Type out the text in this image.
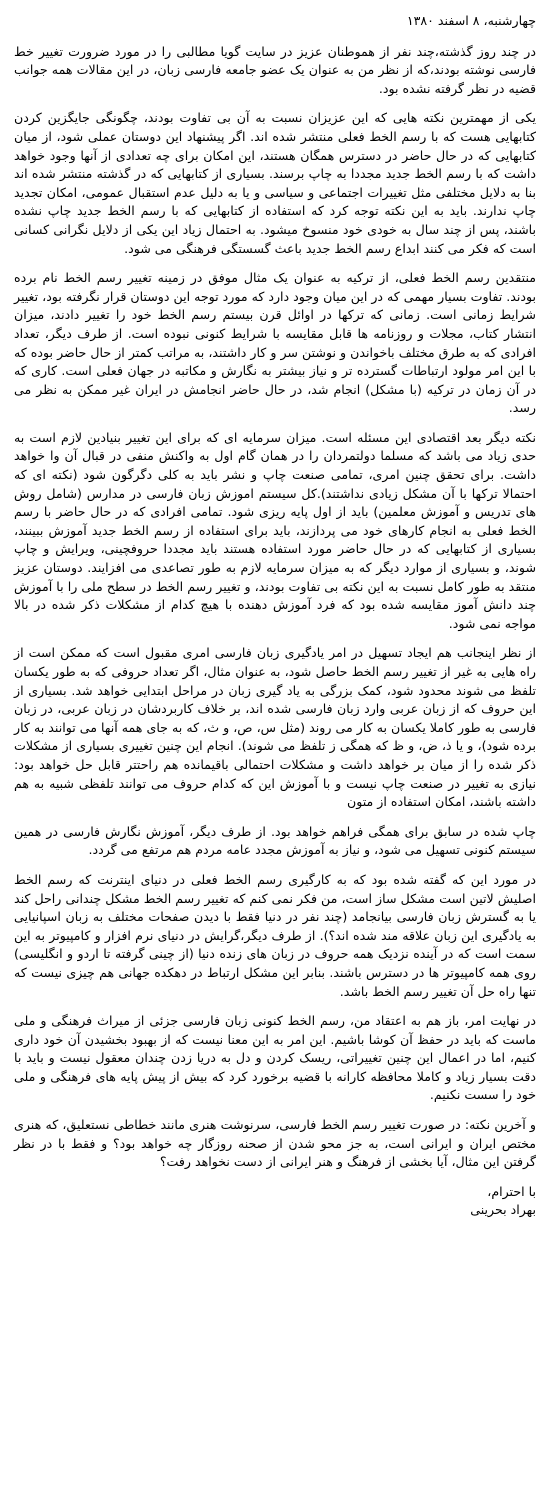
چهارشنبه، ۸ اسفند ۱۳۸۰

در چند روز گذشته،چند نفر از هموطنان عزیز در سایت گویا مطالبی را در مورد ضرورت تغییر خط فارسی نوشته بودند،که از نظر من به عنوان یک عضو جامعه فارسی زبان، در این مقالات همه جوانب قضیه در نظر گرفته نشده بود.

یکی از مهمترین نکته هایی که این عزیزان نسبت به آن بی تفاوت بودند، چگونگی جایگزین کردن کتابهایی هست که با رسم الخط فعلی منتشر شده اند. اگر پیشنهاد این دوستان عملی شود، از میان کتابهایی که در حال حاضر در دسترس همگان هستند، این امکان برای چه تعدادی از آنها وجود خواهد داشت که با رسم الخط جدید مجددا به چاپ برسند. بسیاری از کتابهایی که در گذشته منتشر شده اند بنا به دلایل مختلفی مثل تغییرات اجتماعی و سیاسی و یا به دلیل عدم استقبال عمومی، امکان تجدید چاپ ندارند. باید به این نکته توجه کرد که استفاده از کتابهایی که با رسم الخط جدید چاپ نشده باشند، پس از چند سال به خودی خود منسوخ میشود. به احتمال زیاد این یکی از دلایل نگرانی کسانی است که فکر می کنند ابداع رسم الخط جدید باعث گسستگی فرهنگی می شود.

منتقدین رسم الخط فعلی، از ترکیه به عنوان یک مثال موفق در زمینه تغییر رسم الخط نام برده بودند. تفاوت بسیار مهمی که در این میان وجود دارد که مورد توجه این دوستان قرار نگرفته بود، تغییر شرایط زمانی است. زمانی که ترکها در اوائل قرن بیستم رسم الخط خود را تغییر دادند، میزان انتشار کتاب، مجلات و روزنامه ها قابل مقایسه با شرایط کنونی نبوده است. از طرف دیگر، تعداد افرادی که به طرق مختلف باخواندن و نوشتن سر و کار داشتند، به مراتب کمتر از حال حاضر بوده که با این امر مولود ارتباطات گسترده تر و نیاز بیشتر به نگارش و مکاتبه در جهان فعلی است. کاری که در آن زمان در ترکیه (با مشکل) انجام شد، در حال حاضر انجامش در ایران غیر ممکن به نظر می رسد.

نکته دیگر بعد اقتصادی این مسئله است. میزان سرمایه ای که برای این تغییر بنیادین لازم است به حدی زیاد می باشد که مسلما دولتمردان را در همان گام اول به واکنش منفی در قبال آن وا خواهد داشت. برای تحقق چنین امری، تمامی صنعت چاپ و نشر باید به کلی دگرگون شود (نکته ای که احتمالا ترکها با آن مشکل زیادی نداشتند).کل سیستم اموزش زبان فارسی در مدارس (شامل روش های تدریس و آموزش معلمین) باید از اول پایه ریزی شود. تمامی افرادی که در حال حاضر با رسم الخط فعلی به انجام کارهای خود می پردازند، باید برای استفاده از رسم الخط جدید آموزش ببینند، بسیاری از کتابهایی که در حال حاضر مورد استفاده هستند باید مجددا حروفچینی، ویرایش و چاپ شوند، و بسیاری از موارد دیگر که به میزان سرمایه لازم به طور تصاعدی می افزایند. دوستان عزیز منتقد به طور کامل نسبت به این نکته بی تفاوت بودند، و تغییر رسم الخط در سطح ملی را با آموزش چند دانش آموز مقایسه شده بود که فرد آموزش دهنده با هیچ کدام از مشکلات ذکر شده در بالا مواجه نمی شود.

از نظر اینجانب هم ایجاد تسهیل در امر یادگیری زبان فارسی امری مقبول است که ممکن است از راه هایی به غیر از تغییر رسم الخط حاصل شود، به عنوان مثال، اگر تعداد حروفی که به طور یکسان تلفظ می شوند محدود شود، کمک بزرگی به یاد گیری زبان در مراحل ابتدایی خواهد شد. بسیاری از این حروف که از زبان عربی وارد زبان فارسی شده اند، بر خلاف کاربردشان در زبان عربی، در زبان فارسی به طور کاملا یکسان به کار می روند (مثل س، ص، و ث، که به جای همه آنها می توانند به کار برده شود)، و یا ذ، ض، و ظ که همگی ز تلفظ می شوند). انجام این چنین تغییری بسیاری از مشکلات ذکر شده را از میان بر خواهد داشت و مشکلات احتمالی باقیمانده هم راحتتر قابل حل خواهد بود: نیازی به تغییر در صنعت چاپ نیست و با آموزش این که کدام حروف می توانند تلفظی شبیه به هم داشته باشند، امکان استفاده از متون

چاپ شده در سابق برای همگی فراهم خواهد بود. از طرف دیگر، آموزش نگارش فارسی در همین سیستم کنونی تسهیل می شود، و نیاز به آموزش مجدد عامه مردم هم مرتفع می گردد.

در مورد این که گفته شده بود که به کارگیری رسم الخط فعلی در دنیای اینترنت که رسم الخط اصلیش لاتین است مشکل ساز است، من فکر نمی کنم که تغییر رسم الخط مشکل چندانی راحل کند یا به گسترش زبان فارسی بیانجامد (چند نفر در دنیا فقط با دیدن صفحات مختلف به زبان اسپانیایی به یادگیری این زبان علاقه مند شده اند؟). از طرف دیگر،گرایش در دنیای نرم افزار و کامپیوتر به این سمت است که در آینده نزدیک همه حروف در زبان های زنده دنیا (از چینی گرفته تا اردو و انگلیسی) روی همه کامپیوتر ها در دسترس باشند. بنابر این مشکل ارتباط در دهکده جهانی هم چیزی نیست که تنها راه حل آن تغییر رسم الخط باشد.

در نهایت امر، باز هم به اعتقاد من، رسم الخط کنونی زبان فارسی جزئی از میراث فرهنگی و ملی ماست که باید در حفظ آن کوشا باشیم. این امر به این معنا نیست که از بهبود بخشیدن آن خود داری کنیم، اما در اعمال این چنین تغییراتی، ریسک کردن و دل به دریا زدن چندان معقول نیست و باید با دقت بسیار زیاد و کاملا محافظه کارانه با قضیه برخورد کرد که بیش از پیش پایه های فرهنگی و ملی خود را سست نکنیم.

و آخرین نکته: در صورت تغییر رسم الخط فارسی، سرنوشت هنری مانند خطاطی نستعلیق، که هنری مختص ایران و ایرانی است، به جز محو شدن از صحنه روزگار چه خواهد بود؟ و فقط با در نظر گرفتن این مثال، آیا بخشی از فرهنگ و هنر ایرانی از دست نخواهد رفت؟

با احترام،
بهراد بحرینی
